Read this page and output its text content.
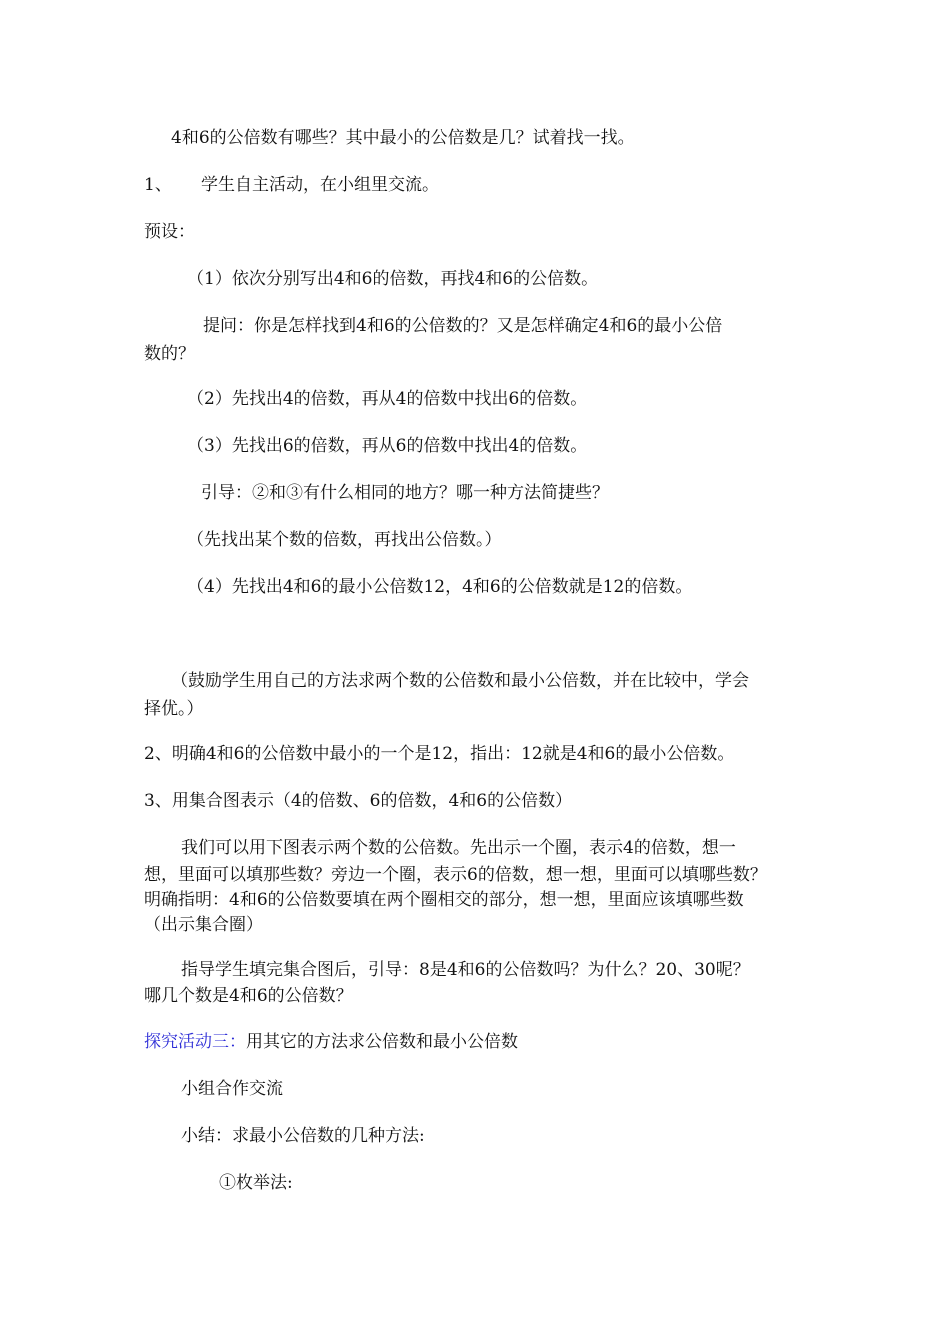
4和6的公倍数有哪些？其中最小的公倍数是几？试着找一找。

1、 学生自主活动，在小组里交流。

预设：

（1）依次分别写出4和6的倍数，再找4和6的公倍数。

提问：你是怎样找到4和6的公倍数的？又是怎样确定4和6的最小公倍

数的？

（2）先找出4的倍数，再从4的倍数中找出6的倍数。

（3）先找出6的倍数，再从6的倍数中找出4的倍数。

引导：②和③有什么相同的地方？哪一种方法简捷些？

（先找出某个数的倍数，再找出公倍数。）

（4）先找出4和6的最小公倍数12，4和6的公倍数就是12的倍数。

（鼓励学生用自己的方法求两个数的公倍数和最小公倍数，并在比较中，学会

择优。）

2、明确4和6的公倍数中最小的一个是12，指出：12就是4和6的最小公倍数。

3、用集合图表示（4的倍数、6的倍数，4和6的公倍数）

我们可以用下图表示两个数的公倍数。先出示一个圈，表示4的倍数，想一

想，里面可以填那些数？旁边一个圈，表示6的倍数，想一想，里面可以填哪些数？

明确指明：4和6的公倍数要填在两个圈相交的部分，想一想，里面应该填哪些数

（出示集合圈）

指导学生填完集合图后，引导：8是4和6的公倍数吗？为什么？20、30呢？

哪几个数是4和6的公倍数？

探究活动三：用其它的方法求公倍数和最小公倍数

小组合作交流

小结：求最小公倍数的几种方法:

①枚举法:
